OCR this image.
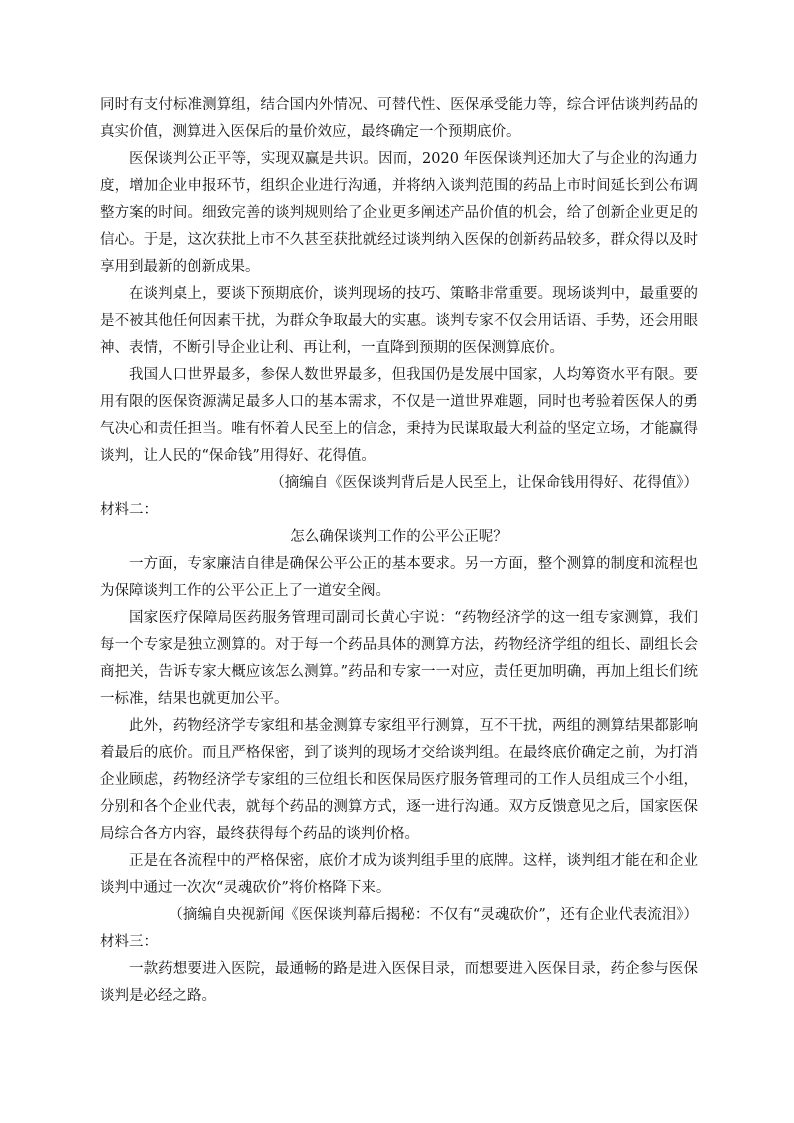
同时有支付标准测算组，结合国内外情况、可替代性、医保承受能力等，综合评估谈判药品的真实价值，测算进入医保后的量价效应，最终确定一个预期底价。

医保谈判公正平等，实现双赢是共识。因而，2020 年医保谈判还加大了与企业的沟通力度，增加企业申报环节，组织企业进行沟通，并将纳入谈判范围的药品上市时间延长到公布调整方案的时间。细致完善的谈判规则给了企业更多阐述产品价值的机会，给了创新企业更足的信心。于是，这次获批上市不久甚至获批就经过谈判纳入医保的创新药品较多，群众得以及时享用到最新的创新成果。

在谈判桌上，要谈下预期底价，谈判现场的技巧、策略非常重要。现场谈判中，最重要的是不被其他任何因素干扰，为群众争取最大的实惠。谈判专家不仅会用话语、手势，还会用眼神、表情，不断引导企业让利、再让利，一直降到预期的医保测算底价。

我国人口世界最多，参保人数世界最多，但我国仍是发展中国家，人均筹资水平有限。要用有限的医保资源满足最多人口的基本需求，不仅是一道世界难题，同时也考验着医保人的勇气决心和责任担当。唯有怀着人民至上的信念，秉持为民谋取最大利益的坚定立场，才能赢得谈判，让人民的“保命钱”用得好、花得值。

（摘编自《医保谈判背后是人民至上，让保命钱用得好、花得值》）

材料二：

怎么确保谈判工作的公平公正呢？

一方面，专家廉洁自律是确保公平公正的基本要求。另一方面，整个测算的制度和流程也为保障谈判工作的公平公正上了一道安全阀。

国家医疗保障局医药服务管理司副司长黄心宇说：“药物经济学的这一组专家测算，我们每一个专家是独立测算的。对于每一个药品具体的测算方法，药物经济学组的组长、副组长会商把关，告诉专家大概应该怎么测算。”药品和专家一一对应，责任更加明确，再加上组长们统一标准，结果也就更加公平。

此外，药物经济学专家组和基金测算专家组平行测算，互不干扰，两组的测算结果都影响着最后的底价。而且严格保密，到了谈判的现场才交给谈判组。在最终底价确定之前，为打消企业顾虑，药物经济学专家组的三位组长和医保局医疗服务管理司的工作人员组成三个小组，分别和各个企业代表，就每个药品的测算方式，逐一进行沟通。双方反馈意见之后，国家医保局综合各方内容，最终获得每个药品的谈判价格。

正是在各流程中的严格保密，底价才成为谈判组手里的底牌。这样，谈判组才能在和企业谈判中通过一次次“灵魂砍价”将价格降下来。

（摘编自央视新闻《医保谈判幕后揭秘：不仅有“灵魂砍价”，还有企业代表流泪》）

材料三：

一款药想要进入医院，最通畅的路是进入医保目录，而想要进入医保目录，药企参与医保谈判是必经之路。
